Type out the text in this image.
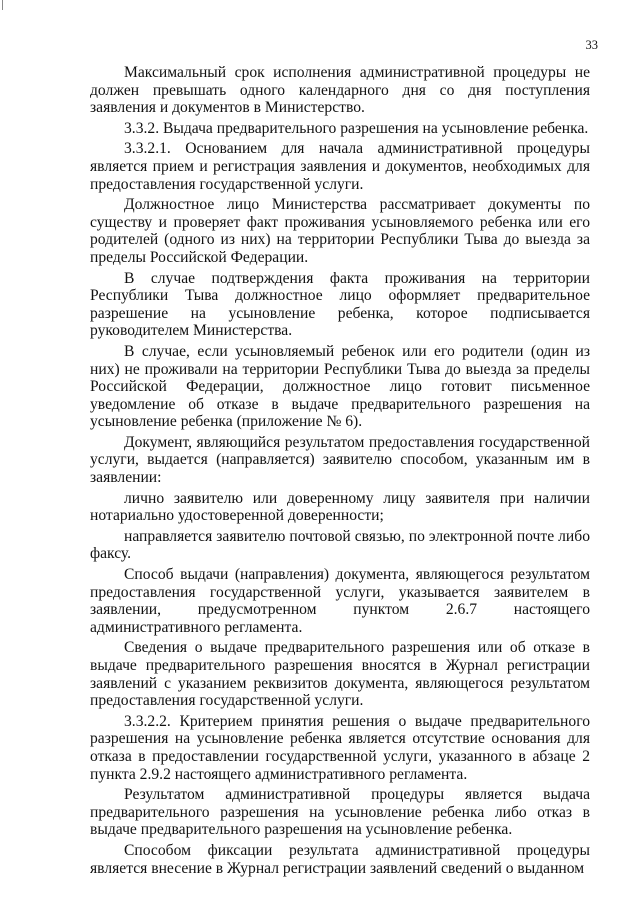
33

Максимальный срок исполнения административной процедуры не должен превышать одного календарного дня со дня поступления заявления и документов в Министерство.

3.3.2. Выдача предварительного разрешения на усыновление ребенка.

3.3.2.1. Основанием для начала административной процедуры является прием и регистрация заявления и документов, необходимых для предоставления государственной услуги.

Должностное лицо Министерства рассматривает документы по существу и проверяет факт проживания усыновляемого ребенка или его родителей (одного из них) на территории Республики Тыва до выезда за пределы Российской Федерации.

В случае подтверждения факта проживания на территории Республики Тыва должностное лицо оформляет предварительное разрешение на усыновление ребенка, которое подписывается руководителем Министерства.

В случае, если усыновляемый ребенок или его родители (один из них) не проживали на территории Республики Тыва до выезда за пределы Российской Федерации, должностное лицо готовит письменное уведомление об отказе в выдаче предварительного разрешения на усыновление ребенка (приложение № 6).

Документ, являющийся результатом предоставления государственной услуги, выдается (направляется) заявителю способом, указанным им в заявлении:

лично заявителю или доверенному лицу заявителя при наличии нотариально удостоверенной доверенности;

направляется заявителю почтовой связью, по электронной почте либо факсу.

Способ выдачи (направления) документа, являющегося результатом предоставления государственной услуги, указывается заявителем в заявлении, предусмотренном пунктом 2.6.7 настоящего административного регламента.

Сведения о выдаче предварительного разрешения или об отказе в выдаче предварительного разрешения вносятся в Журнал регистрации заявлений с указанием реквизитов документа, являющегося результатом предоставления государственной услуги.

3.3.2.2. Критерием принятия решения о выдаче предварительного разрешения на усыновление ребенка является отсутствие основания для отказа в предоставлении государственной услуги, указанного в абзаце 2 пункта 2.9.2 настоящего административного регламента.

Результатом административной процедуры является выдача предварительного разрешения на усыновление ребенка либо отказ в выдаче предварительного разрешения на усыновление ребенка.

Способом фиксации результата административной процедуры является внесение в Журнал регистрации заявлений сведений о выданном
